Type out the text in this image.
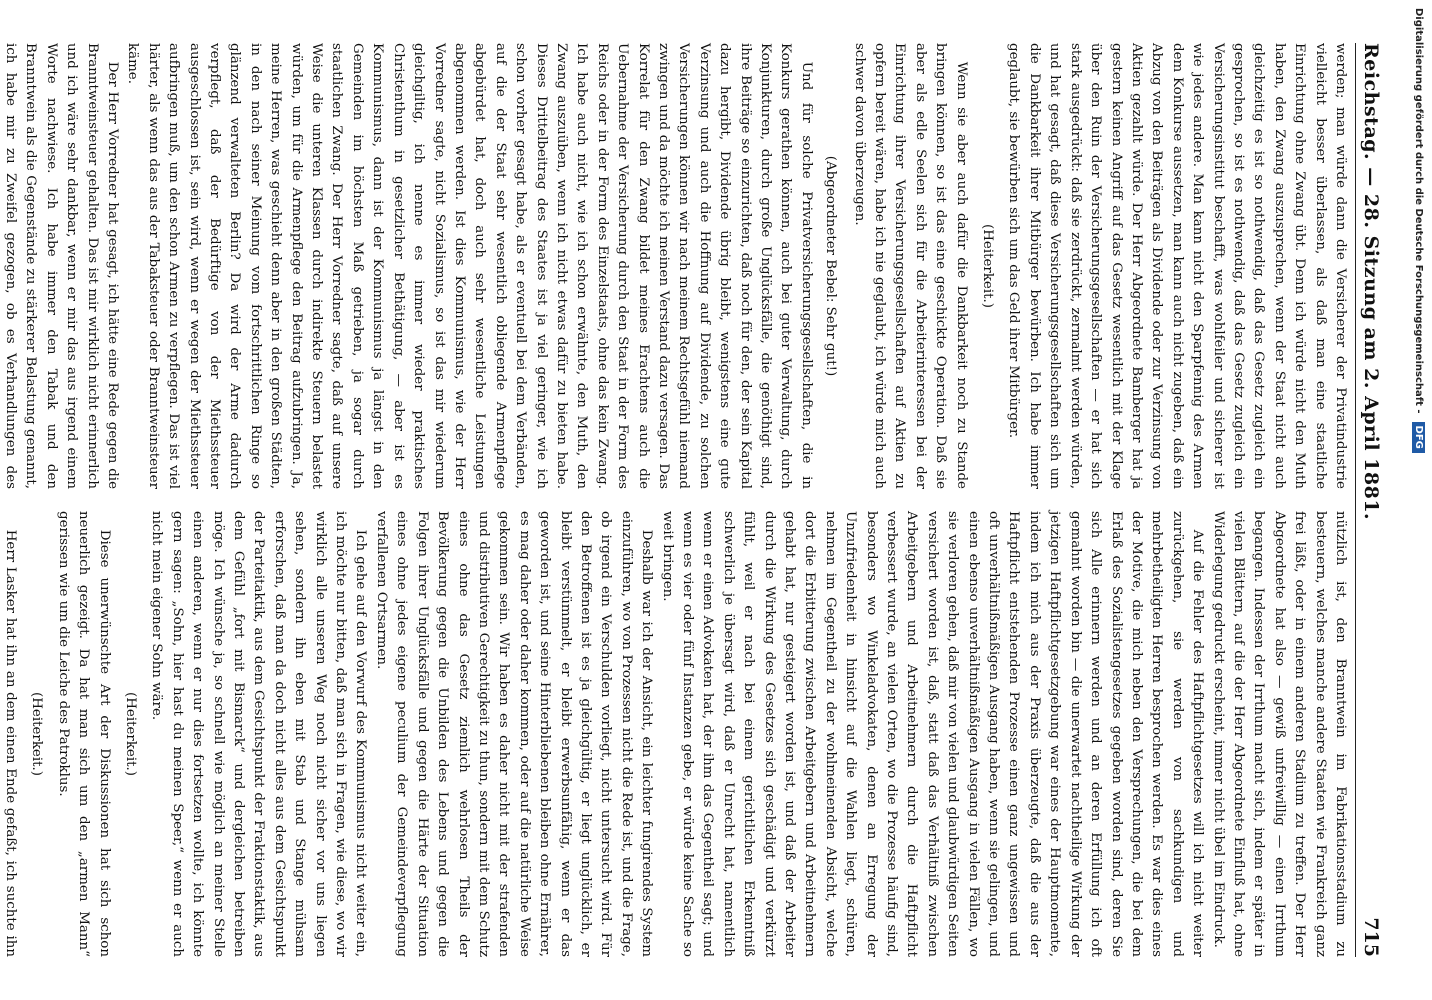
Reichstag. — 28. Sitzung am 2. April 1881.
715

werden; man würde dann die Versicherer der Privatindustrie vielleicht besser überlassen, als daß man eine staatliche Einrichtung ohne Zwang übt. Denn ich würde nicht den Muth haben, den Zwang auszusprechen, wenn der Staat nicht auch gleichzeitig es ist so nothwendig, daß das Gesetz zugleich ein gesprochen, so ist es nothwendig, daß das Gesetz zugleich ein Versicherungsinstitut beschafft, was wohlfeiler und sicherer ist wie jedes andere. Man kann nicht den Sparpfennig des Armen dem Konkurse aussetzen, man kann auch nicht zugeben, daß ein Abzug von den Beiträgen als Dividende oder zur Verzinsung von Aktien gezahlt würde. Der Herr Abgeordnete Bamberger hat ja gestern keinen Angriff auf das Gesetz wesentlich mit der Klage über den Ruin der Versicherungsgesellschaften — er hat sich stark ausgedrückt: daß sie zerdrückt, zermalmt werden würden, und hat gesagt, daß diese Versicherungsgesellschaften sich um die Dankbarkeit ihrer Mitbürger bewürben. Ich habe immer geglaubt, sie bewürben sich um das Geld ihrer Mitbürger.

(Heiterkeit.)

Wenn sie aber auch dafür die Dankbarkeit noch zu Stande bringen können, so ist das eine geschickte Operation. Daß sie aber als edle Seelen sich für die Arbeiterinteressen bei der Einrichtung ihrer Versicherungsgesellschaften auf Aktien zu opfern bereit wären, habe ich nie geglaubt, ich würde mich auch schwer davon überzeugen.

(Abgeordneter Bebel: Sehr gut!)

Und für solche Privatversicherungsgesellschaften, die in Konkurs gerathen können, auch bei guter Verwaltung, durch Konjunkturen, durch große Unglücksfälle, die genöthigt sind, ihre Beiträge so einzurichten, daß noch für den, der sein Kapital dazu hergibt, Dividende übrig bleibt, wenigstens eine gute Verzinsung und auch die Hoffnung auf Dividende, zu solchen Versicherungen können wir nach meinem Rechtsgefühl niemand zwingen und da möchte ich meinen Verstand dazu versagen. Das Korrelat für den Zwang bildet meines Erachtens auch die Uebernahme der Versicherung durch den Staat in der Form des Reichs oder in der Form des Einzelstaats, ohne das kein Zwang. Ich habe auch nicht, wie ich schon erwähnte, den Muth, den Zwang auszuüben, wenn ich nicht etwas dafür zu bieten habe. Dieses Drittelbeitrag des Staates ist ja viel geringer, wie ich schon vorher gesagt habe, als er eventuell bei dem Verbänden, auf die der Staat sehr wesentlich obliegende Armenpflege abgebürdet hat, doch auch sehr wesentliche Leistungen abgenommen werden. Ist dies Kommunismus, wie der Herr Vorredner sagte, nicht Sozialismus, so ist das mir wiederum gleichgiltig, ich nenne es immer wieder praktisches Christenthum in gesetzlicher Bethätigung, — aber ist es Kommunismus, dann ist der Kommunismus ja längst in den Gemeinden im höchsten Maß getrieben, ja sogar durch staatlichen Zwang. Der Herr Vorredner sagte, daß auf unsere Weise die unteren Klassen durch indirekte Steuern belastet würden, um für die Armenpflege den Beitrag aufzubringen. Ja, meine Herren, was geschieht denn aber in den großen Städten, in den nach seiner Meinung vom fortschrittlichen Ringe so glänzend verwalteten Berlin? Da wird der Arme dadurch verpflegt, daß der Bedürftige von der Miethssteuer ausgeschlossen ist, sein wird, wenn er wegen der Miethssteuer aufbringen muß, um den schon Armen zu verpflegen. Das ist viel härter, als wenn das aus der Tabaksteuer oder Branntweinsteuer käme.

Der Herr Vorredner hat gesagt, ich hätte eine Rede gegen die Branntweinsteuer gehalten. Das ist mir wirklich nicht erinnerlich und ich wäre sehr dankbar, wenn er mir das aus irgend einem Worte nachwiese. Ich habe immer den Tabak und den Branntwein als die Gegenstände zu stärkerer Belastung genannt, ich habe mir zu Zweifel gezogen, ob es Verhandlungen des

nützlich ist, den Branntwein im Fabrikationsstadium zu besteuern, welches manche andere Staaten wie Frankreich ganz frei läßt, oder in einem anderen Stadium zu treffen. Der Herr Abgeordnete hat also — gewiß unfreiwillig — einen Irrthum begangen. Indessen der Irrthum macht sich, indem er später in vielen Blättern, auf die der Herr Abgeordnete Einfluß hat, ohne Widerlegung gedruckt erscheint, immer nicht übel im Eindruck.

Auf die Fehler des Haftpflichtgesetzes will ich nicht weiter zurückgehen, sie werden von sachkundigen und mehrbetheiligten Herren besprochen werden. Es war dies eines der Motive, die mich neben den Versprechungen, die bei dem Erlaß des Sozialistengesetzes gegeben worden sind, deren Sie sich Alle erinnern werden und an deren Erfüllung ich oft gemahnt worden bin — die unerwartet nachtheilige Wirkung der jetzigen Haftpflichtgesetzgebung war eines der Hauptmomente, indem ich mich aus der Praxis überzeugte, daß die aus der Haftpflicht entstehenden Prozesse einen ganz ungewissen und oft unverhältnißmäßigen Ausgang haben, wenn sie gelingen, und einen ebenso unverhältnißmäßigen Ausgang in vielen Fällen, wo sie verloren gehen, daß mir von vielen und glaubwürdigen Seiten versichert worden ist, daß, statt daß das Verhältniß zwischen Arbeitgebern und Arbeitnehmern durch die Haftpflicht verbessert wurde, an vielen Orten, wo die Prozesse häufig sind, besonders wo Winkeladvokaten, denen an Erregung der Unzufriedenheit in hinsicht auf die Wahlen liegt, schüren, nehmen im Gegentheil zu der wohlmeinenden Absicht, welche dort die Erbitterung zwischen Arbeitgebern und Arbeitnehmern gehabt hat, nur gesteigert worden ist, und daß der Arbeiter durch die Wirkung des Gesetzes sich geschädigt und verkürzt fühlt, weil er nach bei einem gerichtlichen Erkenntniß schwerlich je übersagt wird, daß er Unrecht hat, namentlich wenn er einen Advokaten hat, der ihm das Gegentheil sagt; und wenn es vier oder fünf Instanzen gebe, er würde keine Sache so weit bringen.

Deshalb war ich der Ansicht, ein leichter fungirendes System einzuführen, wo von Prozessen nicht die Rede ist, und die Frage, ob irgend ein Verschulden vorliegt, nicht untersucht wird. Für den Betroffenen ist es ja gleichgültig, er liegt unglücklich, er bleibt verstümmelt, er bleibt erwerbsunfähig, wenn er das geworden ist, und seine Hinterbliebenen bleiben ohne Ernährer, es mag daher oder daher kommen, oder auf die natürliche Weise gekommen sein. Wir haben es daher nicht mit der strafenden und distributiven Gerechtigkeit zu thun, sondern mit dem Schutz eines ohne das Gesetz ziemlich wehrlosen Theils der Bevölkerung gegen die Unbilden des Lebens und gegen die Folgen ihrer Unglücksfälle und gegen die Härte der Situation eines ohne jedes eigene peculium der Gemeindeverpflegung verfallenen Ortsarmen.

Ich gehe auf den Vorwurf des Kommunismus nicht weiter ein, ich möchte nur bitten, daß man sich in Fragen, wie diese, wo wir wirklich alle unseren Weg noch nicht sicher vor uns liegen sehen, sondern ihn eben mit Stab und Stange mühsam erforschen, daß man da doch nicht alles aus dem Gesichtspunkt der Parteitaktik, aus dem Gesichtspunkt der Fraktionstaktik, aus dem Gefühl „fort mit Bismarck“ und dergleichen betreiben möge. Ich wünsche ja, so schnell wie möglich an meiner Stelle einen anderen, wenn er nur dies fortsetzen wollte, ich könnte gern sagen: „Sohn, hier hast du meinen Speer,“ wenn er auch nicht mein eigener Sohn wäre.

(Heiterkeit.)

Diese unerwünschte Art der Diskussionen hat sich schon neuerlich gezeigt. Da hat man sich um den „armen Mann“ gerissen wie um die Leiche des Patroklus.

(Heiterkeit.)

Herr Lasker hat ihn an dem einen Ende gefaßt, ich suchte ihn

Digitalisierung gefördert durch die Deutsche Forschungsgemeinschaft -
DFG
